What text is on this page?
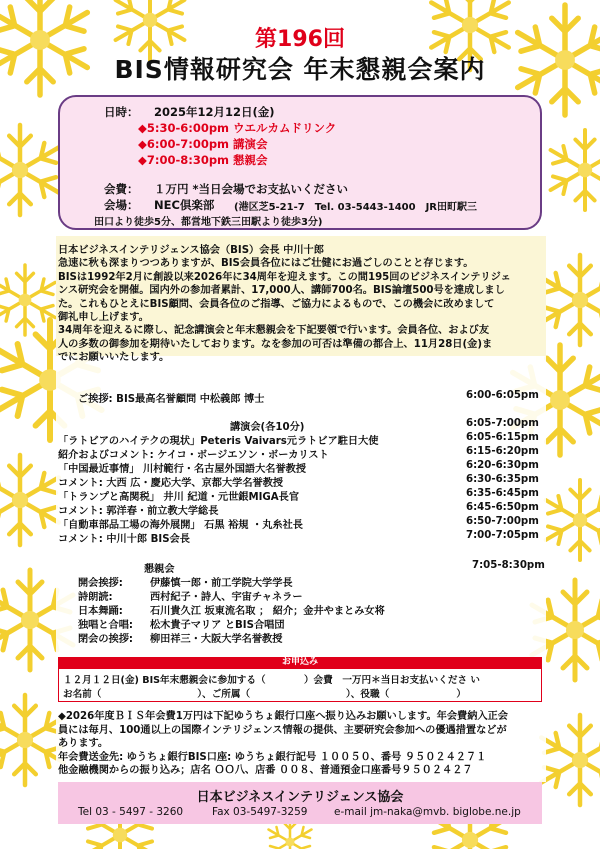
第196回
BIS情報研究会 年末懇親会案内
日時： 2025年12月12日(金)
◆5:30-6:00pm ウエルカムドリンク
◆6:00-7:00pm 講演会
◆7:00-8:30pm 懇親会
会費： １万円 *当日会場でお支払いください
会場： NEC倶楽部 (港区芝5-21-7　Tel. 03-5443-1400　JR田町駅三
田口より徒歩5分、都営地下鉄三田駅より徒歩3分)
日本ビジネスインテリジェンス協会（BIS）会長 中川十郎
急速に秋も深まりつつありますが、BIS会員各位にはご壮健にお過ごしのことと存じます。
BISは1992年2月に創設以来2026年に34周年を迎えます。この間195回のビジネスインテリジェ
ンス研究会を開催。国内外の参加者累計、17,000人、講師700名。BIS論壇500号を達成しまし
た。これもひとえにBIS顧問、会員各位のご指導、ご協力によるもので、この機会に改めまして
御礼申し上げます。
34周年を迎えるに際し、記念講演会と年末懇親会を下記要領で行います。会員各位、および友
人の多数の御参加を期待いたしております。なを参加の可否は準備の都合上、11月28日(金)ま
でにお願いいたします。
ご挨拶: BIS最高名誉顧問 中松義郎 博士	6:00-6:05pm
講演会(各10分)	6:05-7:00pm
「ラトビアのハイテクの現状」Peteris Vaivars元ラトビア駐日大使	6:05-6:15pm
紹介およびコメント: ケイコ・ボージエソン・ボーカリスト	6:15-6:20pm
「中国最近事情」 川村範行・名古屋外国語大名誉教授	6:20-6:30pm
コメント: 大西 広・慶応大学、京都大学名誉教授	6:30-6:35pm
「トランプと高関税」 井川 紀道・元世銀MIGA長官	6:35-6:45pm
コメント: 郭洋春・前立教大学総長	6:45-6:50pm
「自動車部品工場の海外展開」 石黒 裕規 ・丸糸社長	6:50-7:00pm
コメント: 中川十郎 BIS会長	7:00-7:05pm
懇親会	7:05-8:30pm
開会挨拶:	伊藤慎一郎・前工学院大学学長
詩朗読:	西村紀子・詩人、宇宙チャネラー
日本舞踊:	石川貴久江 坂東流名取 ； 紹介；金井やまとみ女将
独唱と合唱: 松木貴子マリア とBIS合唱団
閉会の挨拶: 柳田祥三・大阪大学名誉教授
お申込み
１２月１２日(金) BIS年末懇親会に参加する（　　　　）会費　一万円＊当日お支払いくださ い
お名前（　　　　　　　　　　）、ご所属（　　　　　　　　　　）、役職（　　　　　　　）
◆2026年度ＢＩＳ年会費1万円は下記ゆうちょ銀行口座へ振り込みお願いします。年会費納入正会
員には毎月、100通以上の国際インテリジェンス情報の提供、主要研究会参加への優遇措置などが
あります。
年会費送金先: ゆうちょ銀行BIS口座: ゆうちょ銀行記号 １００５０、番号 ９５０２４２７１
他金融機関からの振り込み；店名 ＯＯ八、店番 ００８、普通預金口座番号９５０２４２７
日本ビジネスインテリジェンス協会
Tel 03 - 5497 - 3260	Fax 03-5497-3259	e-mail jm-naka@mvb. biglobe.ne.jp
